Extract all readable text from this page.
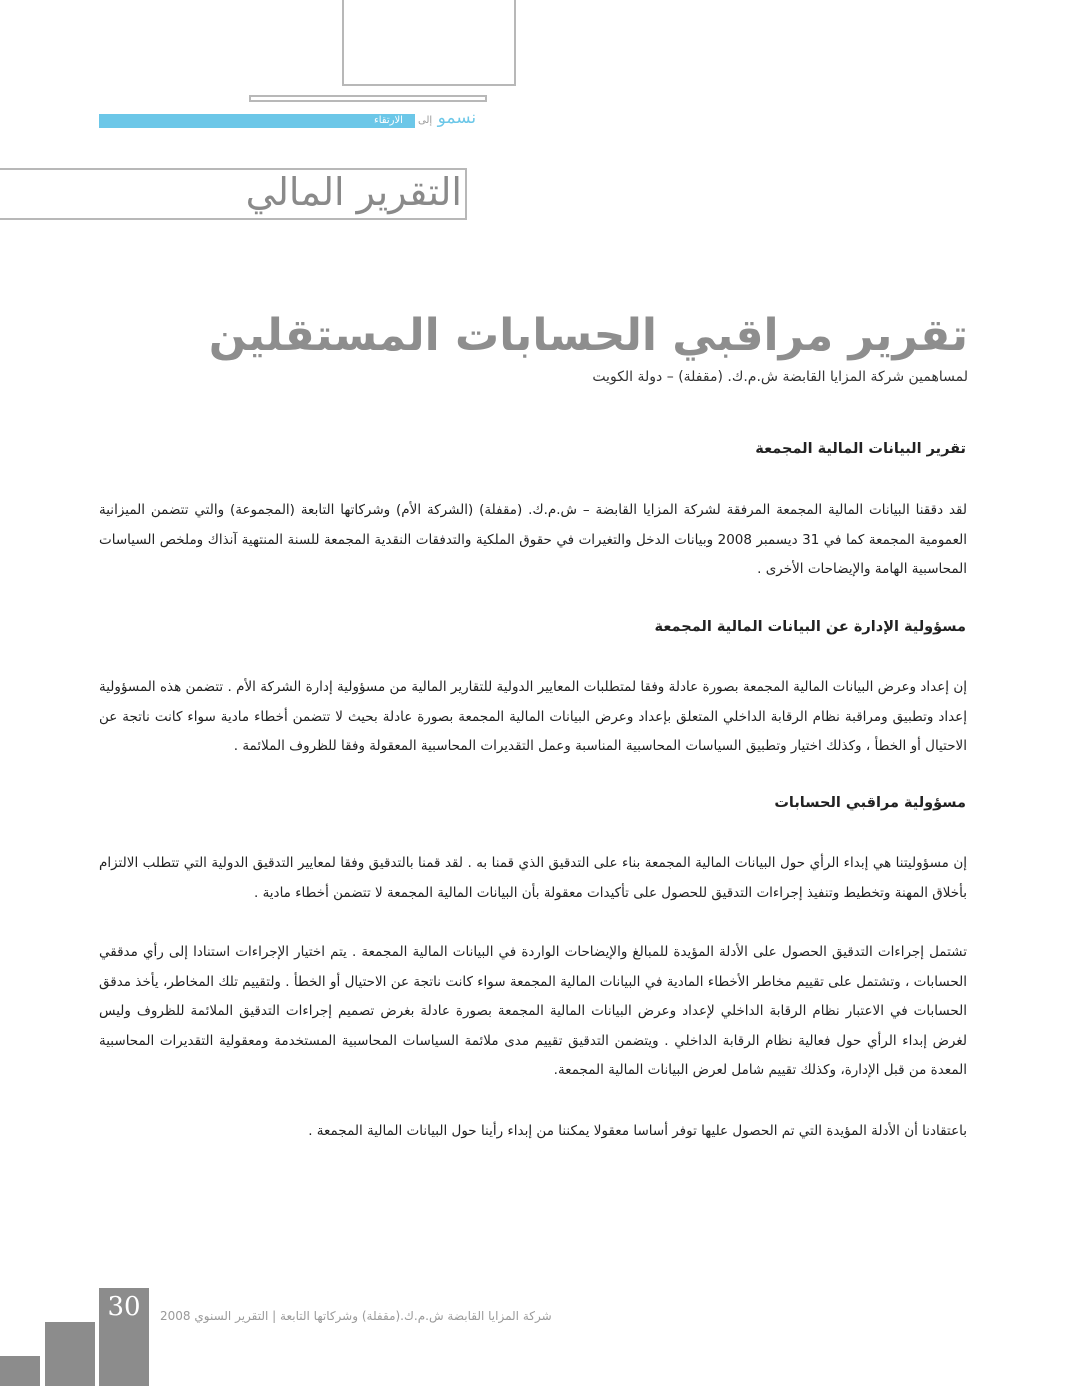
الارتقاء	نسمو إلى
التقرير المالي
تقرير مراقبي الحسابات المستقلين
لمساهمين شركة المزايا القابضة ش.م.ك. (مقفلة) – دولة الكويت
تقرير البيانات المالية المجمعة
لقد دققنا البيانات المالية المجمعة المرفقة لشركة المزايا القابضة – ش.م.ك. (مقفلة) (الشركة الأم) وشركاتها التابعة (المجموعة) والتي تتضمن الميزانية العمومية المجمعة كما في 31 ديسمبر 2008 وبيانات الدخل والتغيرات في حقوق الملكية والتدفقات النقدية المجمعة للسنة المنتهية آنذاك وملخص السياسات المحاسبية الهامة والإيضاحات الأخرى .
مسؤولية الإدارة عن البيانات المالية المجمعة
إن إعداد وعرض البيانات المالية المجمعة بصورة عادلة وفقا لمتطلبات المعايير الدولية للتقارير المالية من مسؤولية إدارة الشركة الأم . تتضمن هذه المسؤولية إعداد وتطبيق ومراقبة نظام الرقابة الداخلي المتعلق بإعداد وعرض البيانات المالية المجمعة بصورة عادلة بحيث لا تتضمن أخطاء مادية سواء كانت ناتجة عن الاحتيال أو الخطأ ، وكذلك اختيار وتطبيق السياسات المحاسبية المناسبة وعمل التقديرات المحاسبية المعقولة وفقا للظروف الملائمة .
مسؤولية مراقبي الحسابات
إن مسؤوليتنا هي إبداء الرأي حول البيانات المالية المجمعة بناء على التدقيق الذي قمنا به . لقد قمنا بالتدقيق وفقا لمعايير التدقيق الدولية التي تتطلب الالتزام بأخلاق المهنة وتخطيط وتنفيذ إجراءات التدقيق للحصول على تأكيدات معقولة بأن البيانات المالية المجمعة لا تتضمن أخطاء مادية .
تشتمل إجراءات التدقيق الحصول على الأدلة المؤيدة للمبالغ والإيضاحات الواردة في البيانات المالية المجمعة . يتم اختيار الإجراءات استنادا إلى رأي مدققي الحسابات ، وتشتمل على تقييم مخاطر الأخطاء المادية في البيانات المالية المجمعة سواء كانت ناتجة عن الاحتيال أو الخطأ . ولتقييم تلك المخاطر، يأخذ مدقق الحسابات في الاعتبار نظام الرقابة الداخلي لإعداد وعرض البيانات المالية المجمعة بصورة عادلة بغرض تصميم إجراءات التدقيق الملائمة للظروف وليس لغرض إبداء الرأي حول فعالية نظام الرقابة الداخلي . ويتضمن التدقيق تقييم مدى ملائمة السياسات المحاسبية المستخدمة ومعقولية التقديرات المحاسبية المعدة من قبل الإدارة، وكذلك تقييم شامل لعرض البيانات المالية المجمعة.
باعتقادنا أن الأدلة المؤيدة التي تم الحصول عليها توفر أساسا معقولا يمكننا من إبداء رأينا حول البيانات المالية المجمعة .
30	شركة المزايا القابضة ش.م.ك.(مقفلة) وشركاتها التابعة | التقرير السنوي 2008
